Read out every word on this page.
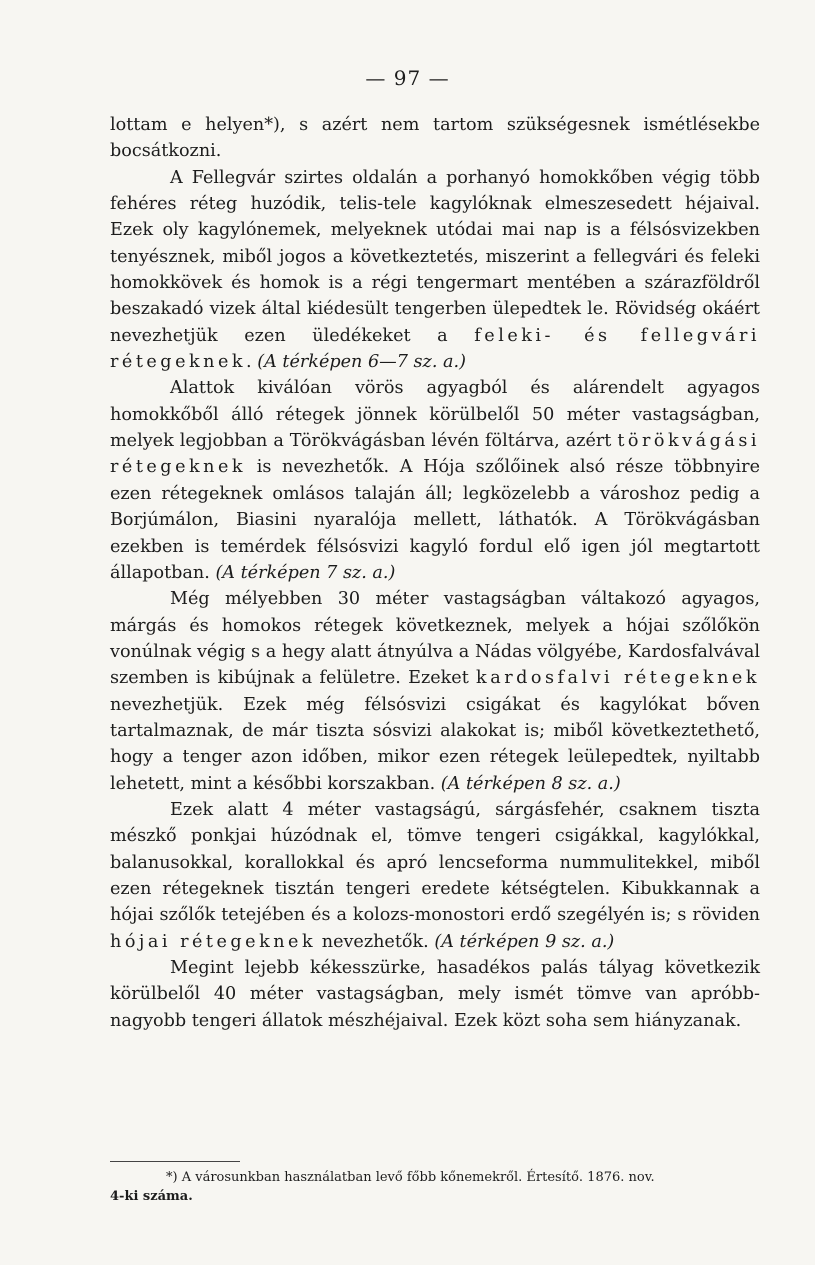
— 97 —

lottam e helyen*), s azért nem tartom szükségesnek ismétlésekbe bocsátkozni.

A Fellegvár szirtes oldalán a porhanyó homokkőben végig több fehéres réteg huzódik, telis-tele kagylóknak elmeszesedett héjaival. Ezek oly kagylónemek, melyeknek utódai mai nap is a félsósvizekben tenyésznek, miből jogos a következtetés, miszerint a fellegvári és feleki homokkövek és homok is a régi tengermart mentében a szárazföldről beszakadó vizek által kiédesült tengerben ülepedtek le. Rövidség okáért nevezhetjük ezen üledékeket a feleki- és fellegvári rétegeknek. (A térképen 6—7 sz. a.)

Alattok kiválóan vörös agyagból és alárendelt agyagos homokkőből álló rétegek jönnek körülbelől 50 méter vastagságban, melyek legjobban a Törökvágásban lévén föltárva, azért törökvágási rétegeknek is nevezhetők. A Hója szőlőinek alsó része többnyire ezen rétegeknek omlásos talaján áll; legközelebb a városhoz pedig a Borjúmálon, Biasini nyaralója mellett, láthatók. A Törökvágásban ezekben is temérdek félsósvizi kagyló fordul elő igen jól megtartott állapotban. (A térképen 7 sz. a.)

Még mélyebben 30 méter vastagságban váltakozó agyagos, márgás és homokos rétegek következnek, melyek a hójai szőlőkön vonúlnak végig s a hegy alatt átnyúlva a Nádas völgyébe, Kardosfalvával szemben is kibújnak a felületre. Ezeket kardosfalvi rétegeknek nevezhetjük. Ezek még félsósvizi csigákat és kagylókat bőven tartalmaznak, de már tiszta sósvizi alakokat is; miből következtethető, hogy a tenger azon időben, mikor ezen rétegek leülepedtek, nyiltabb lehetett, mint a későbbi korszakban. (A térképen 8 sz. a.)

Ezek alatt 4 méter vastagságú, sárgásfehér, csaknem tiszta mészkő ponkjai húzódnak el, tömve tengeri csigákkal, kagylókkal, balanusokkal, korallokkal és apró lencseforma nummulitekkel, miből ezen rétegeknek tisztán tengeri eredete kétségtelen. Kibukkannak a hójai szőlők tetejében és a kolozs-monostori erdő szegélyén is; s röviden hójai rétegeknek nevezhetők. (A térképen 9 sz. a.)

Megint lejebb kékesszürke, hasadékos palás tályag következik körülbelől 40 méter vastagságban, mely ismét tömve van apróbb-nagyobb tengeri állatok mészhéjaival. Ezek közt soha sem hiányzanak.

*) A városunkban használatban levő főbb kőnemekről. Értesítő. 1876. nov.
4-ki száma.
